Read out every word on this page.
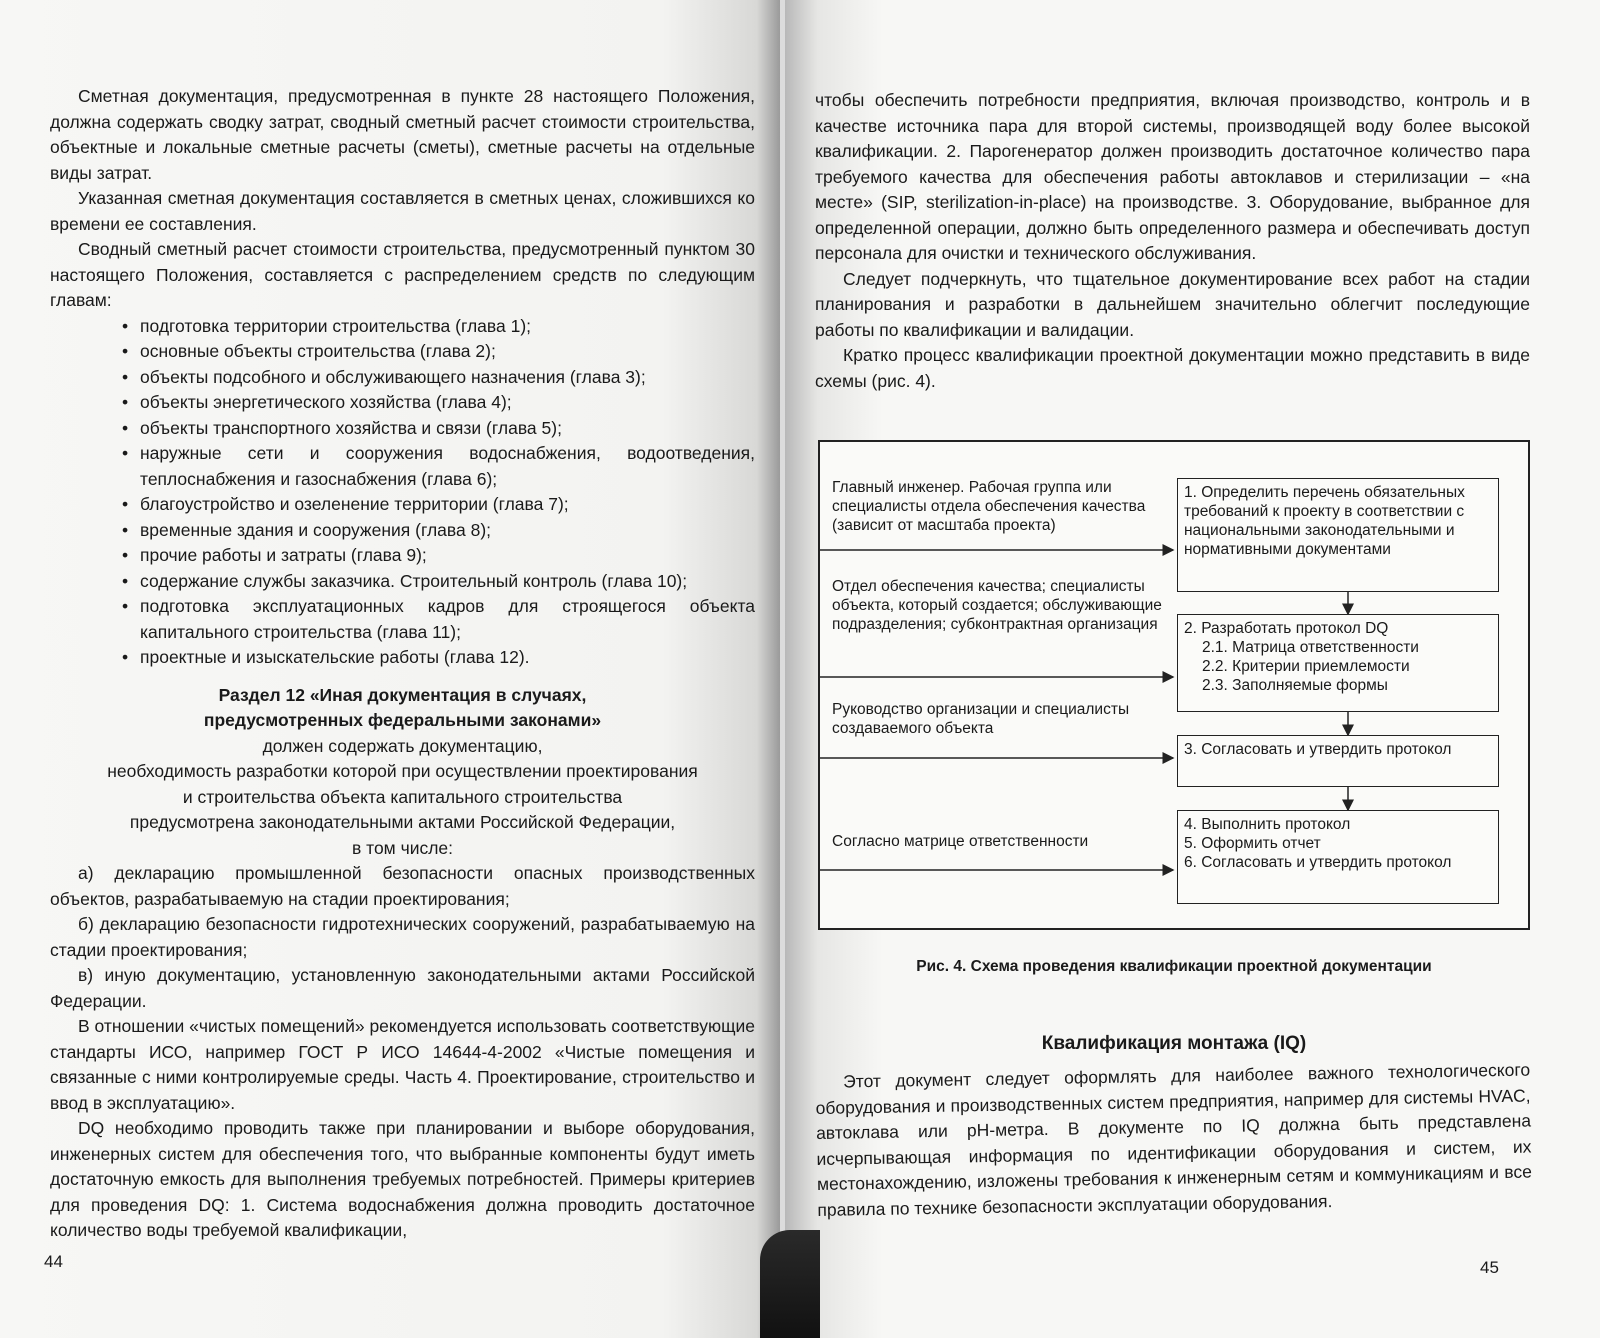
Сметная документация, предусмотренная в пункте 28 настоящего Положения, должна содержать сводку затрат, сводный сметный расчет стоимости строительства, объектные и локальные сметные расчеты (сметы), сметные расчеты на отдельные виды затрат.

Указанная сметная документация составляется в сметных ценах, сложившихся ко времени ее составления.

Сводный сметный расчет стоимости строительства, предусмотренный пунктом 30 настоящего Положения, составляется с распределением средств по следующим главам:

• подготовка территории строительства (глава 1);
• основные объекты строительства (глава 2);
• объекты подсобного и обслуживающего назначения (глава 3);
• объекты энергетического хозяйства (глава 4);
• объекты транспортного хозяйства и связи (глава 5);
• наружные сети и сооружения водоснабжения, водоотведения, теплоснабжения и газоснабжения (глава 6);
• благоустройство и озеленение территории (глава 7);
• временные здания и сооружения (глава 8);
• прочие работы и затраты (глава 9);
• содержание службы заказчика. Строительный контроль (глава 10);
• подготовка эксплуатационных кадров для строящегося объекта капитального строительства (глава 11);
• проектные и изыскательские работы (глава 12).
Раздел 12 «Иная документация в случаях,
предусмотренных федеральными законами»
должен содержать документацию,
необходимость разработки которой при осуществлении проектирования
и строительства объекта капитального строительства
предусмотрена законодательными актами Российской Федерации,
в том числе:

а) декларацию промышленной безопасности опасных производственных объектов, разрабатываемую на стадии проектирования;

б) декларацию безопасности гидротехнических сооружений, разрабатываемую на стадии проектирования;

в) иную документацию, установленную законодательными актами Российской Федерации.

В отношении «чистых помещений» рекомендуется использовать соответствующие стандарты ИСО, например ГОСТ Р ИСО 14644-4-2002 «Чистые помещения и связанные с ними контролируемые среды. Часть 4. Проектирование, строительство и ввод в эксплуатацию».

DQ необходимо проводить также при планировании и выборе оборудования, инженерных систем для обеспечения того, что выбранные компоненты будут иметь достаточную емкость для выполнения требуемых потребностей. Примеры критериев для проведения DQ: 1. Система водоснабжения должна проводить достаточное количество воды требуемой квалификации,

44

чтобы обеспечить потребности предприятия, включая производство, контроль и в качестве источника пара для второй системы, производящей воду более высокой квалификации. 2. Парогенератор должен производить достаточное количество пара требуемого качества для обеспечения работы автоклавов и стерилизации – «на месте» (SIP, sterilization-in-place) на производстве. 3. Оборудование, выбранное для определенной операции, должно быть определенного размера и обеспечивать доступ персонала для очистки и технического обслуживания.

Следует подчеркнуть, что тщательное документирование всех работ на стадии планирования и разработки в дальнейшем значительно облегчит последующие работы по квалификации и валидации.

Кратко процесс квалификации проектной документации можно представить в виде схемы (рис. 4).

Главный инженер. Рабочая группа или специалисты отдела обеспечения качества (зависит от масштаба проекта)
Отдел обеспечения качества; специалисты объекта, который создается; обслуживающие подразделения; субконтрактная организация
Руководство организации и специалисты создаваемого объекта
Согласно матрице ответственности
1. Определить перечень обязательных требований к проекту в соответствии с национальными законодательными и нормативными документами
2. Разработать протокол DQ
2.1. Матрица ответственности
2.2. Критерии приемлемости
2.3. Заполняемые формы
3. Согласовать и утвердить протокол
4. Выполнить протокол
5. Оформить отчет
6. Согласовать и утвердить протокол
Рис. 4. Схема проведения квалификации проектной документации
Квалификация монтажа (IQ)

Этот документ следует оформлять для наиболее важного технологического оборудования и производственных систем предприятия, например для системы HVAC, автоклава или pH-метра. В документе по IQ должна быть представлена исчерпывающая информация по идентификации оборудования и систем, их местонахождению, изложены требования к инженерным сетям и коммуникациям и все правила по технике безопасности эксплуатации оборудования.

45
